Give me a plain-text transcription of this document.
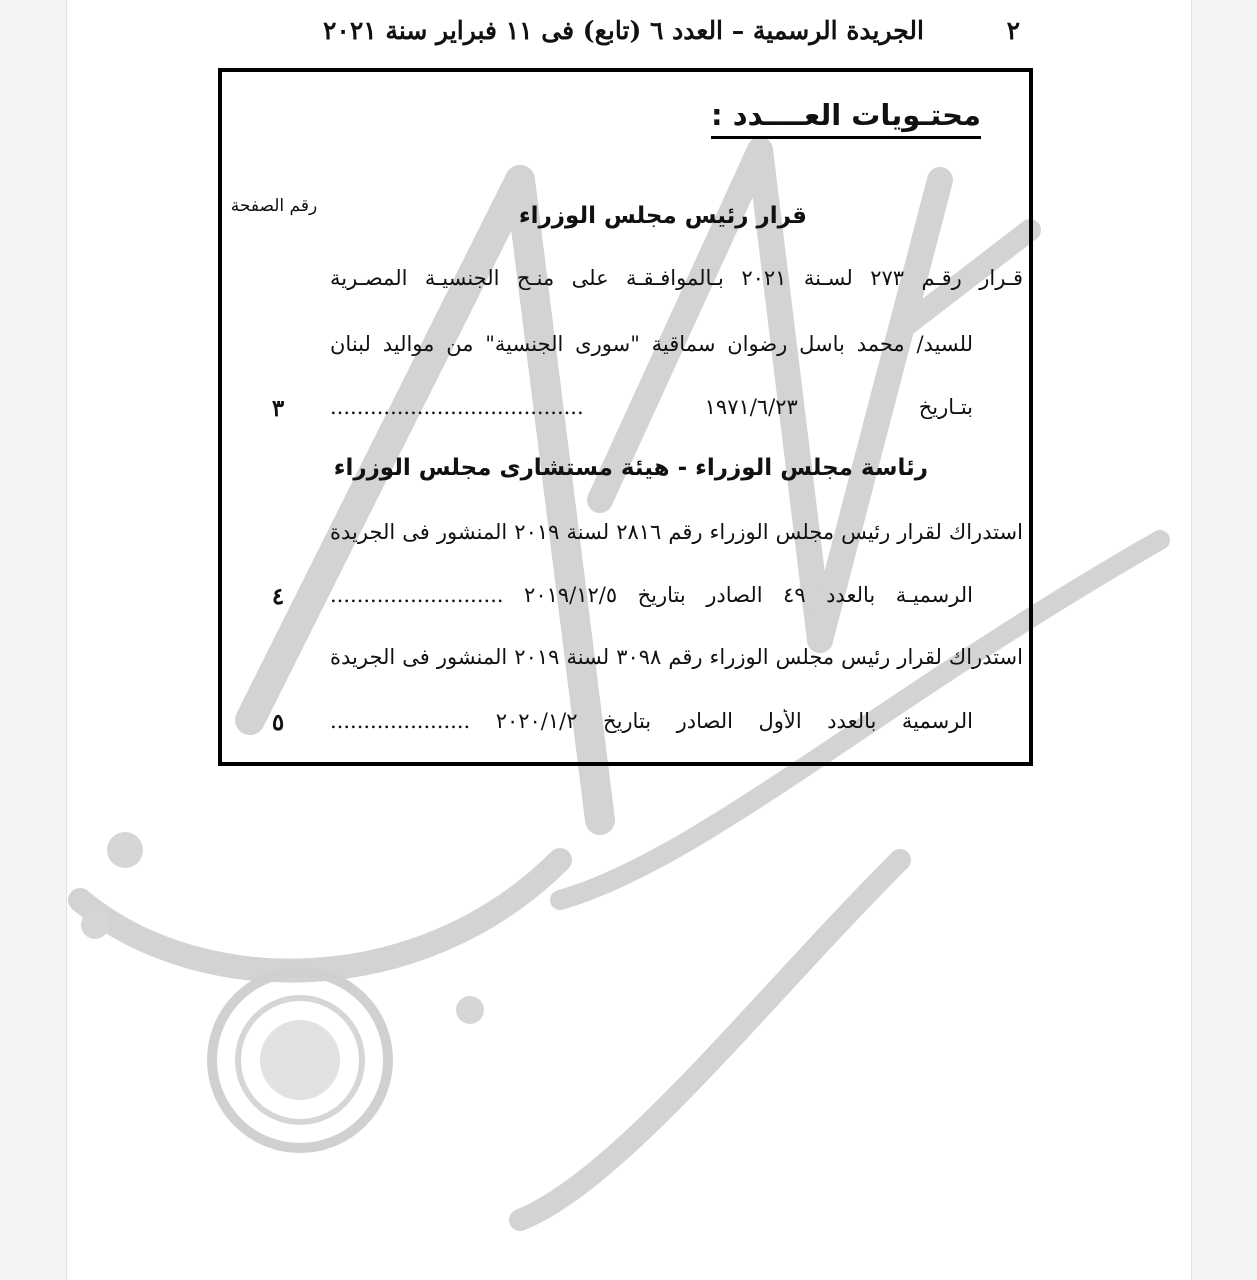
٢
الجريدة الرسمية – العدد ٦ (تابع) فى ١١ فبراير سنة ٢٠٢١
محتـويات العــــدد :
رقم الصفحة	قرار رئيس مجلس الوزراء
قـرار رقـم ٢٧٣ لسـنة ٢٠٢١ بـالموافـقـة على منـح الجنسيـة المصـرية
للسيد/ محمد باسل رضوان سماقية "سورى الجنسية" من مواليد لبنان
بتـاريخ ١٩٧١/٦/٢٣ ......................................
٣
رئاسة مجلس الوزراء - هيئة مستشارى مجلس الوزراء
استدراك لقرار رئيس مجلس الوزراء رقم ٢٨١٦ لسنة ٢٠١٩ المنشور فى الجريدة
الرسميـة بالعدد ٤٩ الصادر بتاريخ ٢٠١٩/١٢/٥ ..........................
٤
استدراك لقرار رئيس مجلس الوزراء رقم ٣٠٩٨ لسنة ٢٠١٩ المنشور فى الجريدة
الرسمية بالعدد الأول الصادر بتاريخ ٢٠٢٠/١/٢ .....................
٥
